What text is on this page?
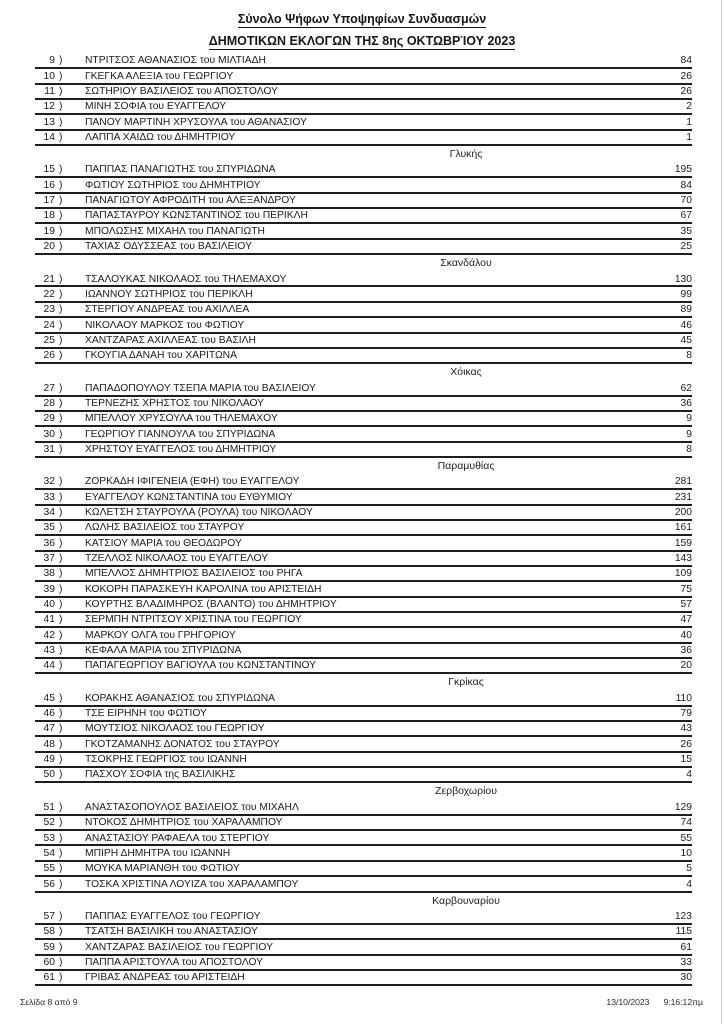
Σύνολο Ψήφων Υποψηφίων Συνδυασμών
ΔΗΜΟΤΙΚΩΝ ΕΚΛΟΓΩΝ ΤΗΣ 8ης ΟΚΤΩΒΡΊΟΥ 2023
9 ) ΝΤΡΙΤΣΟΣ ΑΘΑΝΑΣΙΟΣ του ΜΙΛΤΙΑΔΗ	84
10 ) ΓΚΕΓΚΑ ΑΛΕΞΙΑ του ΓΕΩΡΓΙΟΥ	26
11 ) ΣΩΤΗΡΙΟΥ ΒΑΣΙΛΕΙΟΣ του ΑΠΟΣΤΟΛΟΥ	26
12 ) ΜΙΝΗ ΣΟΦΙΑ του ΕΥΑΓΓΕΛΟΥ	2
13 ) ΠΑΝΟΥ ΜΑΡΤΙΝΗ ΧΡΥΣΟΥΛΑ του ΑΘΑΝΑΣΙΟΥ	1
14 ) ΛΑΠΠΑ ΧΑΙΔΩ του ΔΗΜΗΤΡΙΟΥ	1
Γλυκής
15 ) ΠΑΠΠΑΣ ΠΑΝΑΓΙΩΤΗΣ του ΣΠΥΡΙΔΩΝΑ	195
16 ) ΦΩΤΙΟΥ ΣΩΤΗΡΙΟΣ του ΔΗΜΗΤΡΙΟΥ	84
17 ) ΠΑΝΑΓΙΩΤΟΥ ΑΦΡΟΔΙΤΗ του ΑΛΕΞΑΝΔΡΟΥ	70
18 ) ΠΑΠΑΣΤΑΥΡΟΥ ΚΩΝΣΤΑΝΤΙΝΟΣ του ΠΕΡΙΚΛΗ	67
19 ) ΜΠΟΛΩΣΗΣ ΜΙΧΑΗΛ του ΠΑΝΑΓΙΩΤΗ	35
20 ) ΤΑΧΙΑΣ ΟΔΥΣΣΕΑΣ του ΒΑΣΙΛΕΙΟΥ	25
Σκανδάλου
21 ) ΤΣΑΛΟΥΚΑΣ ΝΙΚΟΛΑΟΣ του ΤΗΛΕΜΑΧΟΥ	130
22 ) ΙΩΑΝΝΟΥ ΣΩΤΗΡΙΟΣ του ΠΕΡΙΚΛΗ	99
23 ) ΣΤΕΡΓΙΟΥ ΑΝΔΡΕΑΣ του ΑΧΙΛΛΕΑ	89
24 ) ΝΙΚΟΛΑΟΥ ΜΑΡΚΟΣ του ΦΩΤΙΟΥ	46
25 ) ΧΑΝΤΖΑΡΑΣ ΑΧΙΛΛΕΑΣ του ΒΑΣΙΛΗ	45
26 ) ΓΚΟΥΓΙΑ ΔΑΝΑΗ του ΧΑΡΙΤΩΝΑ	8
Χόικας
27 ) ΠΑΠΑΔΟΠΟΥΛΟΥ ΤΣΕΠΑ ΜΑΡΙΑ του ΒΑΣΙΛΕΙΟΥ	62
28 ) ΤΕΡΝΕΖΗΣ ΧΡΗΣΤΟΣ του ΝΙΚΟΛΑΟΥ	36
29 ) ΜΠΕΛΛΟΥ ΧΡΥΣΟΥΛΑ του ΤΗΛΕΜΑΧΟΥ	9
30 ) ΓΕΩΡΓΙΟΥ ΓΙΑΝΝΟΥΛΑ του ΣΠΥΡΙΔΩΝΑ	9
31 ) ΧΡΗΣΤΟΥ ΕΥΑΓΓΕΛΟΣ του ΔΗΜΗΤΡΙΟΥ	8
Παραμυθίας
32 ) ΖΟΡΚΑΔΗ ΙΦΙΓΕΝΕΙΑ (ΕΦΗ) του ΕΥΑΓΓΕΛΟΥ	281
33 ) ΕΥΑΓΓΕΛΟΥ ΚΩΝΣΤΑΝΤΙΝΑ του ΕΥΘΥΜΙΟΥ	231
34 ) ΚΩΛΕΤΣΗ ΣΤΑΥΡΟΥΛΑ (ΡΟΥΛΑ) του ΝΙΚΟΛΑΟΥ	200
35 ) ΛΩΛΗΣ ΒΑΣΙΛΕΙΟΣ του ΣΤΑΥΡΟΥ	161
36 ) ΚΑΤΣΙΟΥ ΜΑΡΙΑ του ΘΕΟΔΩΡΟΥ	159
37 ) ΤΖΕΛΛΟΣ ΝΙΚΟΛΑΟΣ του ΕΥΑΓΓΕΛΟΥ	143
38 ) ΜΠΕΛΛΟΣ ΔΗΜΗΤΡΙΟΣ ΒΑΣΙΛΕΙΟΣ του ΡΗΓΑ	109
39 ) ΚΟΚΟΡΗ ΠΑΡΑΣΚΕΥΗ ΚΑΡΟΛΙΝΑ του ΑΡΙΣΤΕΙΔΗ	75
40 ) ΚΟΥΡΤΗΣ ΒΛΑΔΙΜΗΡΟΣ (ΒΛΑΝΤΟ) του ΔΗΜΗΤΡΙΟΥ	57
41 ) ΣΕΡΜΠΗ ΝΤΡΙΤΣΟΥ ΧΡΙΣΤΙΝΑ του ΓΕΩΡΓΙΟΥ	47
42 ) ΜΑΡΚΟΥ ΟΛΓΑ του ΓΡΗΓΟΡΙΟΥ	40
43 ) ΚΕΦΑΛΑ ΜΑΡΙΑ του ΣΠΥΡΙΔΩΝΑ	36
44 ) ΠΑΠΑΓΕΩΡΓΙΟΥ ΒΑΓΙΟΥΛΑ του ΚΩΝΣΤΑΝΤΙΝΟΥ	20
Γκρίκας
45 ) ΚΟΡΑΚΗΣ ΑΘΑΝΑΣΙΟΣ του ΣΠΥΡΙΔΩΝΑ	110
46 ) ΤΣΕ ΕΙΡΗΝΗ του ΦΩΤΙΟΥ	79
47 ) ΜΟΥΤΣΙΟΣ ΝΙΚΟΛΑΟΣ του ΓΕΩΡΓΙΟΥ	43
48 ) ΓΚΟΤΖΑΜΑΝΗΣ ΔΟΝΑΤΟΣ του ΣΤΑΥΡΟΥ	26
49 ) ΤΣΟΚΡΗΣ ΓΕΩΡΓΙΟΣ του ΙΩΑΝΝΗ	15
50 ) ΠΑΣΧΟΥ ΣΟΦΙΑ της ΒΑΣΙΛΙΚΗΣ	4
Ζερβοχωρίου
51 ) ΑΝΑΣΤΑΣΟΠΟΥΛΟΣ ΒΑΣΙΛΕΙΟΣ του ΜΙΧΑΗΛ	129
52 ) ΝΤΟΚΟΣ ΔΗΜΗΤΡΙΟΣ του ΧΑΡΑΛΑΜΠΟΥ	74
53 ) ΑΝΑΣΤΑΣΙΟΥ ΡΑΦΑΕΛΑ του ΣΤΕΡΓΙΟΥ	55
54 ) ΜΠΙΡΗ ΔΗΜΗΤΡΑ του ΙΩΑΝΝΗ	10
55 ) ΜΟΥΚΑ ΜΑΡΙΑΝΘΗ του ΦΩΤΙΟΥ	5
56 ) ΤΟΣΚΑ ΧΡΙΣΤΙΝΑ ΛΟΥΙΖΑ του ΧΑΡΑΛΑΜΠΟΥ	4
Καρβουναρίου
57 ) ΠΑΠΠΑΣ ΕΥΑΓΓΕΛΟΣ του ΓΕΩΡΓΙΟΥ	123
58 ) ΤΣΑΤΣΗ ΒΑΣΙΛΙΚΗ του ΑΝΑΣΤΑΣΙΟΥ	115
59 ) ΧΑΝΤΖΑΡΑΣ ΒΑΣΙΛΕΙΟΣ του ΓΕΩΡΓΙΟΥ	61
60 ) ΠΑΠΠΑ ΑΡΙΣΤΟΥΛΑ του ΑΠΟΣΤΟΛΟΥ	33
61 ) ΓΡΙΒΑΣ ΑΝΔΡΕΑΣ του ΑΡΙΣΤΕΙΔΗ	30
Σελίδα 8 από 9	13/10/2023 9:16:12πμ
